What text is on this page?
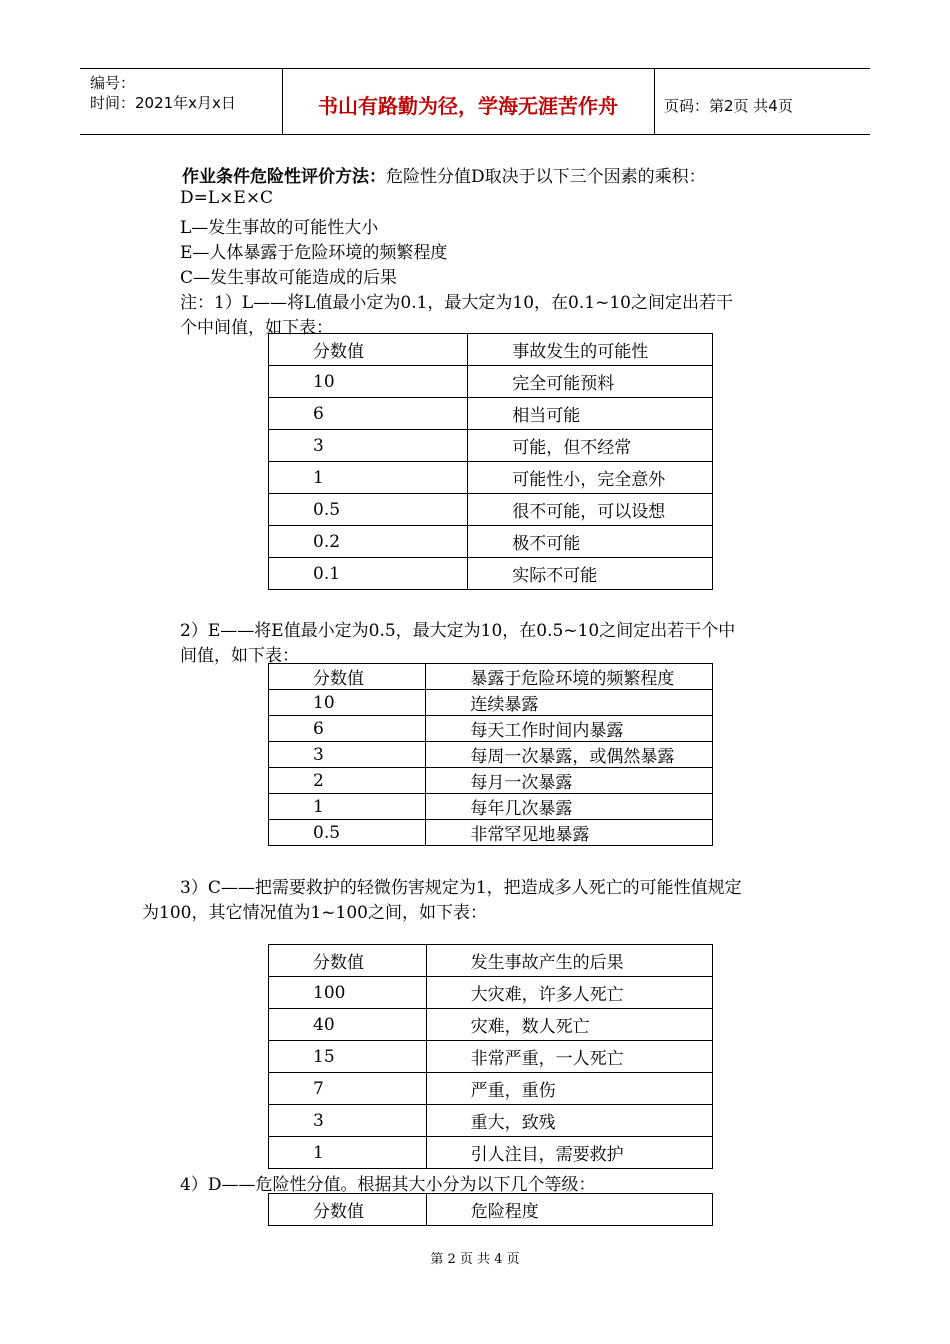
编号：
时间：2021年x月x日	书山有路勤为径，学海无涯苦作舟	页码：第2页 共4页
作业条件危险性评价方法：危险性分值D取决于以下三个因素的乘积：
D=L×E×C
L—发生事故的可能性大小
E—人体暴露于危险环境的频繁程度
C—发生事故可能造成的后果
注：1）L——将L值最小定为0.1，最大定为10，在0.1~10之间定出若干
个中间值，如下表：
分数值	事故发生的可能性
10	完全可能预料
6	相当可能
3	可能，但不经常
1	可能性小，完全意外
0.5	很不可能，可以设想
0.2	极不可能
0.1	实际不可能
2）E——将E值最小定为0.5，最大定为10，在0.5~10之间定出若干个中
间值，如下表：
分数值	暴露于危险环境的频繁程度
10	连续暴露
6	每天工作时间内暴露
3	每周一次暴露，或偶然暴露
2	每月一次暴露
1	每年几次暴露
0.5	非常罕见地暴露
3）C——把需要救护的轻微伤害规定为1，把造成多人死亡的可能性值规定
为100，其它情况值为1~100之间，如下表：
分数值	发生事故产生的后果
100	大灾难，许多人死亡
40	灾难，数人死亡
15	非常严重，一人死亡
7	严重，重伤
3	重大，致残
1	引人注目，需要救护
4）D——危险性分值。根据其大小分为以下几个等级：
分数值	危险程度
第 2 页 共 4 页
